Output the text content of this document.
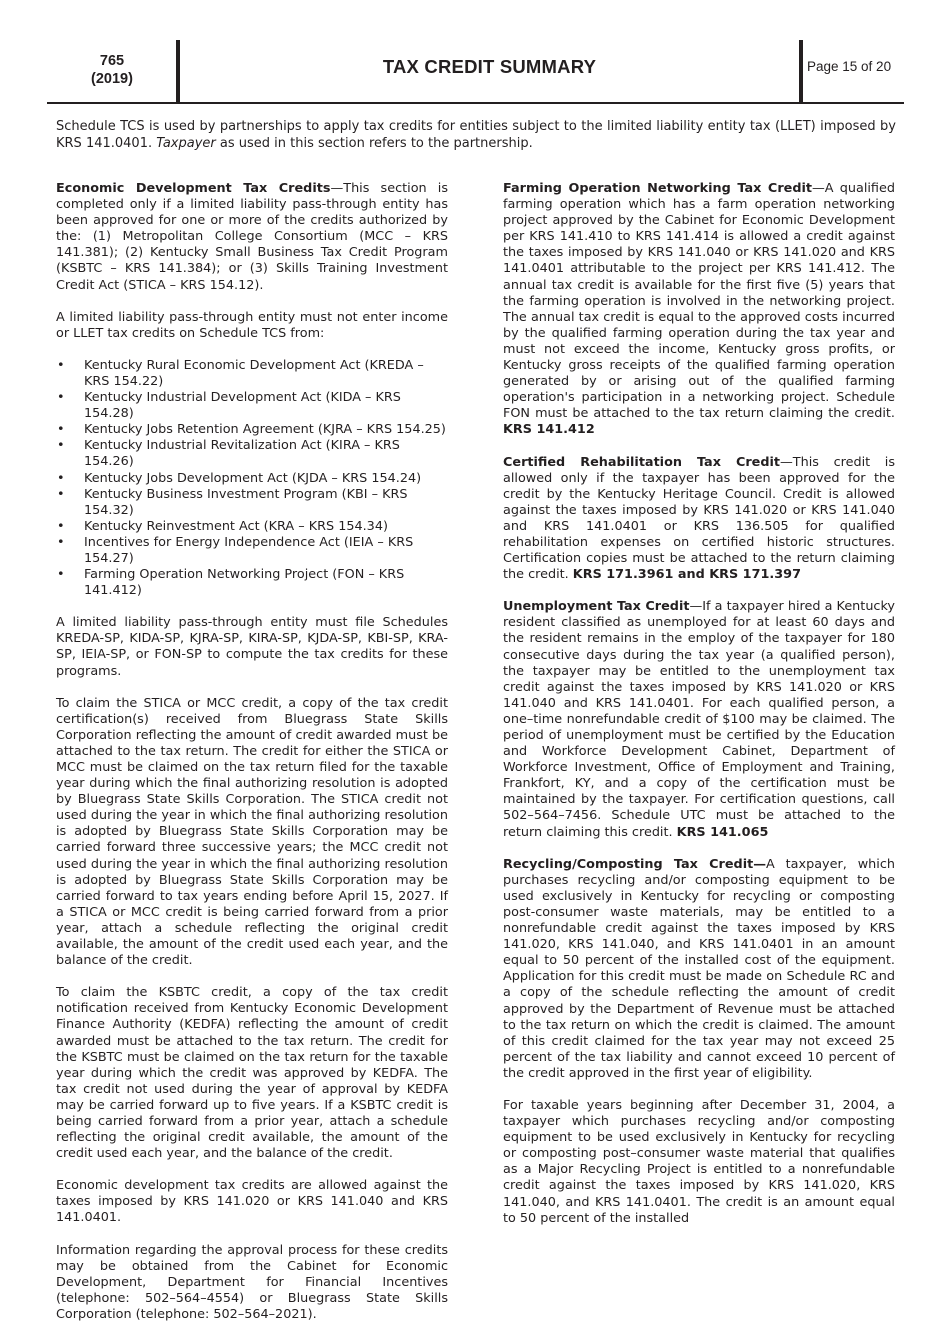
765
(2019)
TAX CREDIT SUMMARY	Page 15 of 20
Schedule TCS is used by partnerships to apply tax credits for entities subject to the limited liability entity tax (LLET) imposed by KRS 141.0401. Taxpayer as used in this section refers to the partnership.

Economic Development Tax Credits—This section is completed only if a limited liability pass-through entity has been approved for one or more of the credits authorized by the: (1) Metropolitan College Consortium (MCC – KRS 141.381); (2) Kentucky Small Business Tax Credit Program (KSBTC – KRS 141.384); or (3) Skills Training Investment Credit Act (STICA – KRS 154.12).

A limited liability pass-through entity must not enter income or LLET tax credits on Schedule TCS from:

• Kentucky Rural Economic Development Act (KREDA – KRS 154.22)
• Kentucky Industrial Development Act (KIDA – KRS 154.28)
• Kentucky Jobs Retention Agreement (KJRA – KRS 154.25)
• Kentucky Industrial Revitalization Act (KIRA – KRS 154.26)
• Kentucky Jobs Development Act (KJDA – KRS 154.24)
• Kentucky Business Investment Program (KBI – KRS 154.32)
• Kentucky Reinvestment Act (KRA – KRS 154.34)
• Incentives for Energy Independence Act (IEIA – KRS 154.27)
• Farming Operation Networking Project (FON – KRS 141.412)

A limited liability pass-through entity must file Schedules KREDA-SP, KIDA-SP, KJRA-SP, KIRA-SP, KJDA-SP, KBI-SP, KRA-SP, IEIA-SP, or FON-SP to compute the tax credits for these programs.

To claim the STICA or MCC credit, a copy of the tax credit certification(s) received from Bluegrass State Skills Corporation reflecting the amount of credit awarded must be attached to the tax return. The credit for either the STICA or MCC must be claimed on the tax return filed for the taxable year during which the final authorizing resolution is adopted by Bluegrass State Skills Corporation. The STICA credit not used during the year in which the final authorizing resolution is adopted by Bluegrass State Skills Corporation may be carried forward three successive years; the MCC credit not used during the year in which the final authorizing resolution is adopted by Bluegrass State Skills Corporation may be carried forward to tax years ending before April 15, 2027. If a STICA or MCC credit is being carried forward from a prior year, attach a schedule reflecting the original credit available, the amount of the credit used each year, and the balance of the credit.

To claim the KSBTC credit, a copy of the tax credit notification received from Kentucky Economic Development Finance Authority (KEDFA) reflecting the amount of credit awarded must be attached to the tax return. The credit for the KSBTC must be claimed on the tax return for the taxable year during which the credit was approved by KEDFA. The tax credit not used during the year of approval by KEDFA may be carried forward up to five years. If a KSBTC credit is being carried forward from a prior year, attach a schedule reflecting the original credit available, the amount of the credit used each year, and the balance of the credit.

Economic development tax credits are allowed against the taxes imposed by KRS 141.020 or KRS 141.040 and KRS 141.0401.

Information regarding the approval process for these credits may be obtained from the Cabinet for Economic Development, Department for Financial Incentives (telephone: 502–564–4554) or Bluegrass State Skills Corporation (telephone: 502–564–2021).

Farming Operation Networking Tax Credit—A qualified farming operation which has a farm operation networking project approved by the Cabinet for Economic Development per KRS 141.410 to KRS 141.414 is allowed a credit against the taxes imposed by KRS 141.040 or KRS 141.020 and KRS 141.0401 attributable to the project per KRS 141.412. The annual tax credit is available for the first five (5) years that the farming operation is involved in the networking project. The annual tax credit is equal to the approved costs incurred by the qualified farming operation during the tax year and must not exceed the income, Kentucky gross profits, or Kentucky gross receipts of the qualified farming operation generated by or arising out of the qualified farming operation's participation in a networking project. Schedule FON must be attached to the tax return claiming the credit. KRS 141.412

Certified Rehabilitation Tax Credit—This credit is allowed only if the taxpayer has been approved for the credit by the Kentucky Heritage Council. Credit is allowed against the taxes imposed by KRS 141.020 or KRS 141.040 and KRS 141.0401 or KRS 136.505 for qualified rehabilitation expenses on certified historic structures. Certification copies must be attached to the return claiming the credit. KRS 171.3961 and KRS 171.397

Unemployment Tax Credit—If a taxpayer hired a Kentucky resident classified as unemployed for at least 60 days and the resident remains in the employ of the taxpayer for 180 consecutive days during the tax year (a qualified person), the taxpayer may be entitled to the unemployment tax credit against the taxes imposed by KRS 141.020 or KRS 141.040 and KRS 141.0401. For each qualified person, a one–time nonrefundable credit of $100 may be claimed. The period of unemployment must be certified by the Education and Workforce Development Cabinet, Department of Workforce Investment, Office of Employment and Training, Frankfort, KY, and a copy of the certification must be maintained by the taxpayer. For certification questions, call 502–564–7456. Schedule UTC must be attached to the return claiming this credit. KRS 141.065

Recycling/Composting Tax Credit—A taxpayer, which purchases recycling and/or composting equipment to be used exclusively in Kentucky for recycling or composting post-consumer waste materials, may be entitled to a nonrefundable credit against the taxes imposed by KRS 141.020, KRS 141.040, and KRS 141.0401 in an amount equal to 50 percent of the installed cost of the equipment. Application for this credit must be made on Schedule RC and a copy of the schedule reflecting the amount of credit approved by the Department of Revenue must be attached to the tax return on which the credit is claimed. The amount of this credit claimed for the tax year may not exceed 25 percent of the tax liability and cannot exceed 10 percent of the credit approved in the first year of eligibility.

For taxable years beginning after December 31, 2004, a taxpayer which purchases recycling and/or composting equipment to be used exclusively in Kentucky for recycling or composting post–consumer waste material that qualifies as a Major Recycling Project is entitled to a nonrefundable credit against the taxes imposed by KRS 141.020, KRS 141.040, and KRS 141.0401. The credit is an amount equal to 50 percent of the installed
